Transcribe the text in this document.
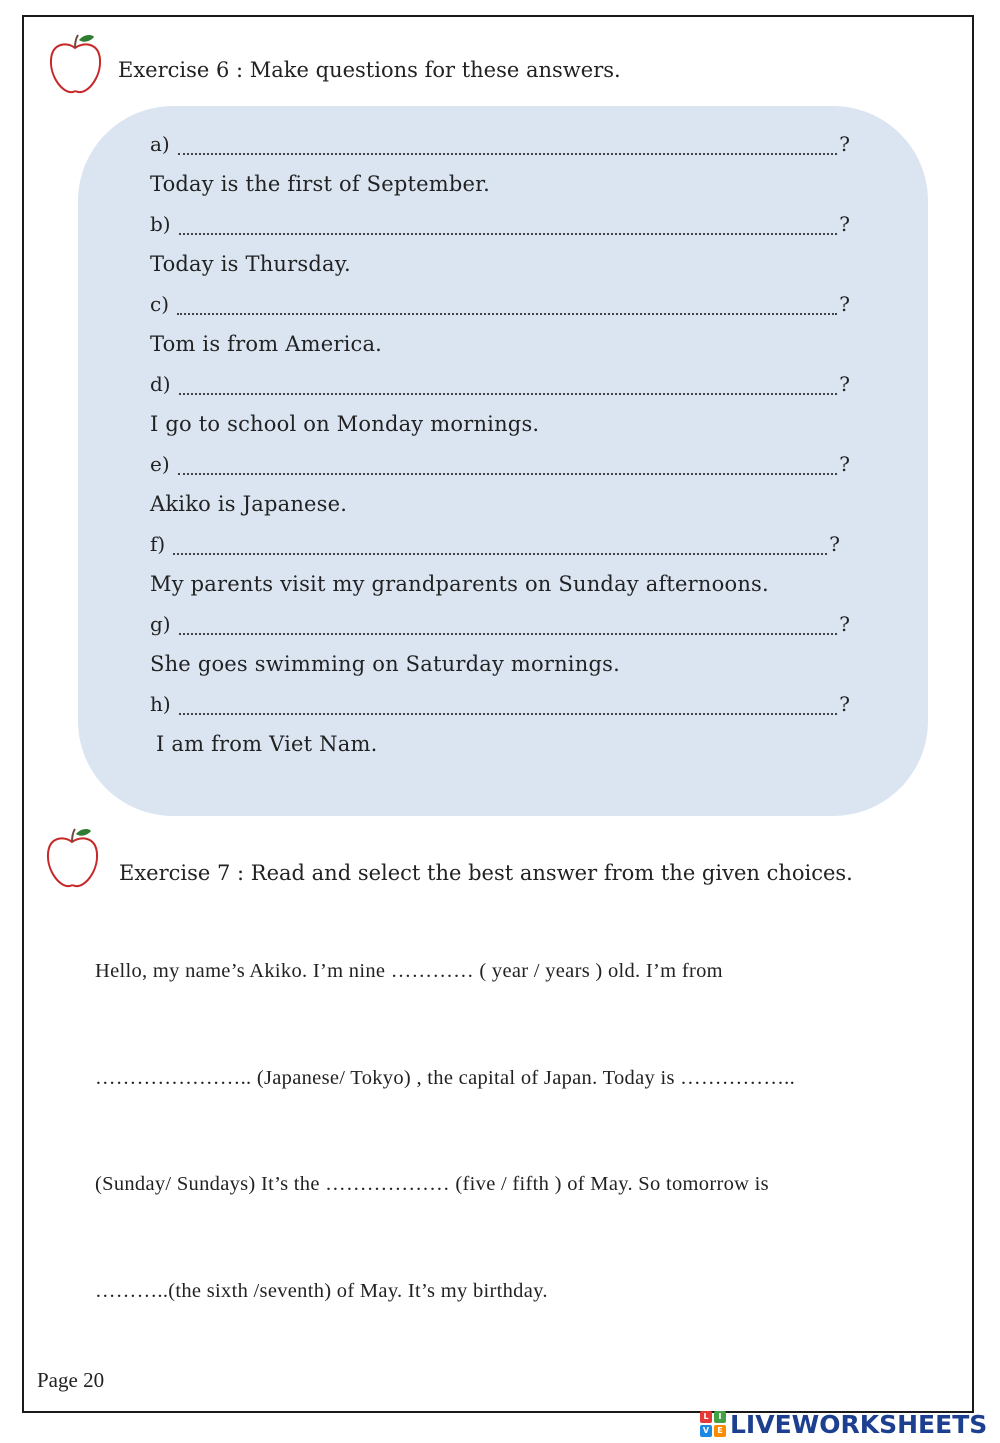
Exercise 6 : Make questions for these answers.
a)	?
Today is the first of September.
b)	?
Today is Thursday.
c)	?
Tom is from America.
d)	?
I go to school on Monday mornings.
e)	?
Akiko is Japanese.
f)	?
My parents visit my grandparents on Sunday afternoons.
g)	?
She goes swimming on Saturday mornings.
h)	?
I am from Viet Nam.
Exercise 7 : Read and select the best answer from the given choices.
Hello, my name’s Akiko. I’m nine ………… ( year / years ) old. I’m from
………………….. (Japanese/ Tokyo) , the capital of Japan. Today is ……………..
(Sunday/ Sundays) It’s the ……………… (five / fifth ) of May. So tomorrow is
………..(the sixth /seventh) of May. It’s my birthday.
Page 20
L	I
V	E LIVEWORKSHEETS
